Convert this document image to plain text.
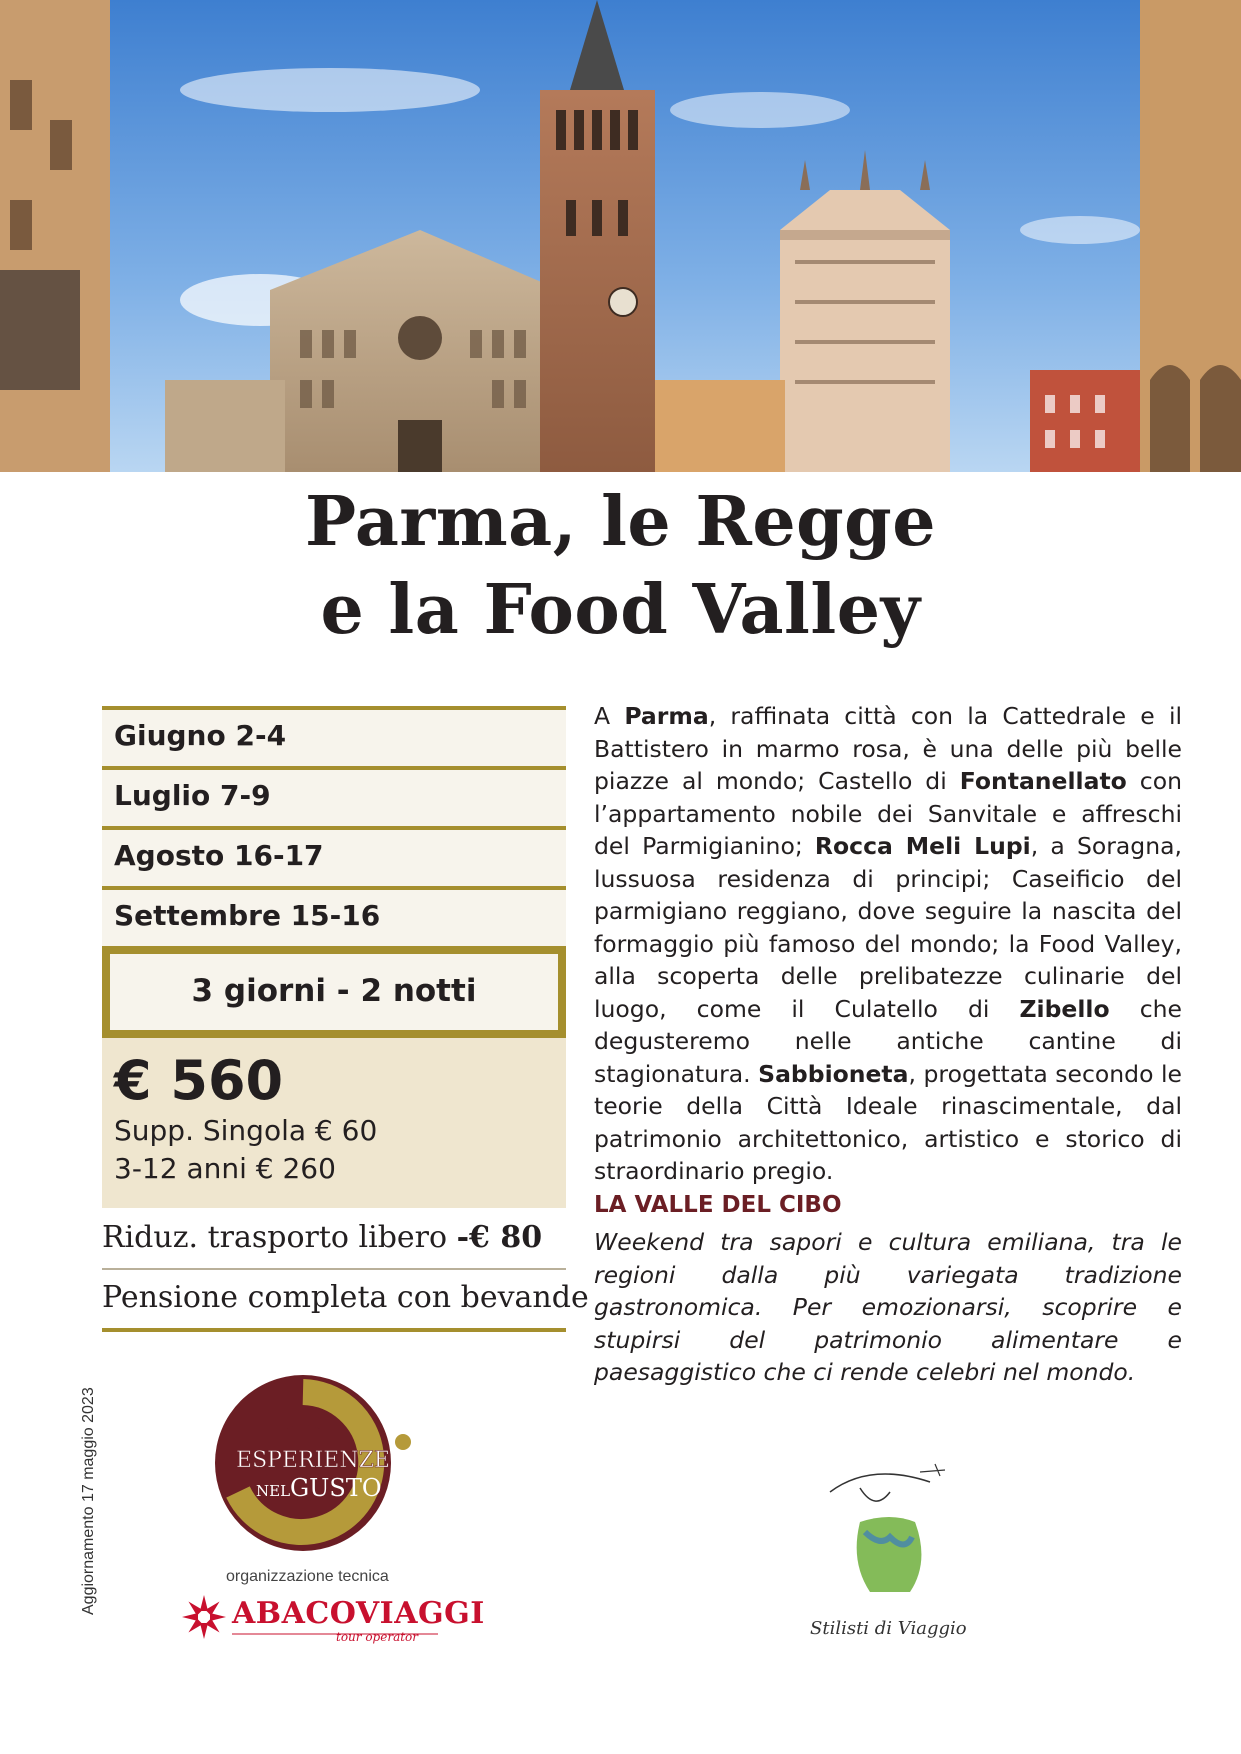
Parma, le Regge
e la Food Valley
Giugno 2-4
Luglio 7-9
Agosto 16-17
Settembre 15-16
3 giorni - 2 notti
€ 560
Supp. Singola € 60
3-12 anni € 260
Riduz. trasporto libero -€ 80
Pensione completa con bevande

A Parma, raffinata città con la Cattedrale e il Battistero in marmo rosa, è una delle più belle piazze al mondo; Castello di Fontanellato con l’appartamento nobile dei Sanvitale e affreschi del Parmigianino; Rocca Meli Lupi, a Soragna, lussuosa residenza di principi; Caseificio del parmigiano reggiano, dove seguire la nascita del formaggio più famoso del mondo; la Food Valley, alla scoperta delle prelibatezze culinarie del luogo, come il Culatello di Zibello che degusteremo nelle antiche cantine di stagionatura. Sabbioneta, progettata secondo le teorie della Città Ideale rinascimentale, dal patrimonio architettonico, artistico e storico di straordinario pregio.

LA VALLE DEL CIBO

Weekend tra sapori e cultura emiliana, tra le regioni dalla più variegata tradizione gastronomica. Per emozionarsi, scoprire e stupirsi del patrimonio alimentare e paesaggistico che ci rende celebri nel mondo.

Aggiornamento 17 maggio 2023	ESPERIENZE
NEL GUSTO
organizzazione tecnica
ABACOVIAGGI
tour operator	Stilisti di Viaggio
